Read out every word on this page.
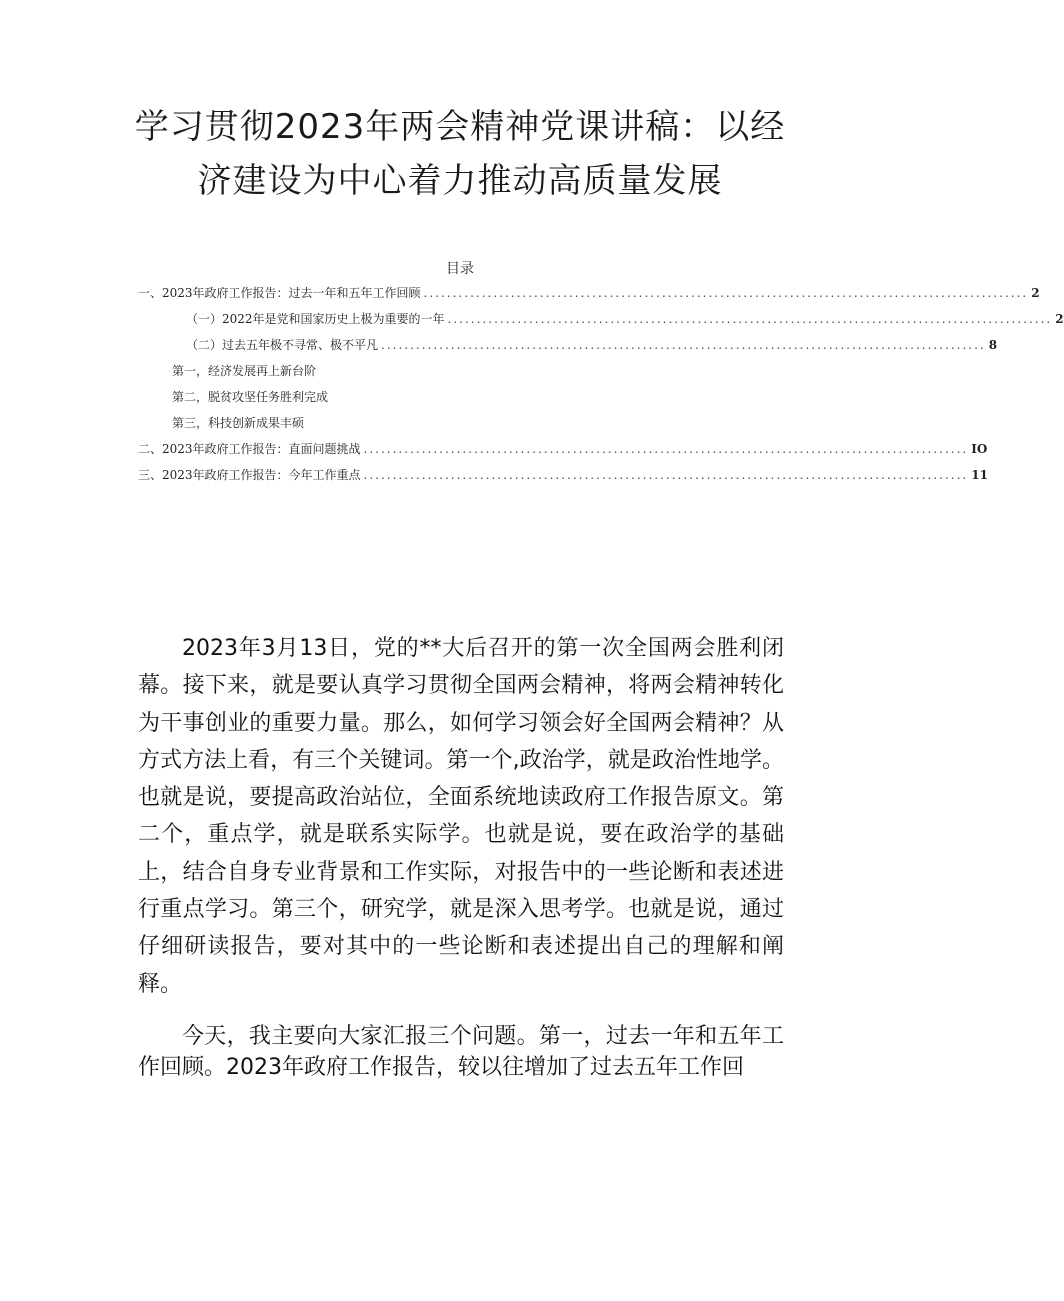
学习贯彻2023年两会精神党课讲稿：以经
济建设为中心着力推动高质量发展
目录
一、2023年政府工作报告：过去一年和五年工作回顾 ........................................................................................................ 2
（一）2022年是党和国家历史上极为重要的一年 ........................................................................................................ 2
（二）过去五年极不寻常、极不平凡 ........................................................................................................ 8
第一，经济发展再上新台阶
第二，脱贫攻坚任务胜利完成
第三，科技创新成果丰硕
二、2023年政府工作报告：直面问题挑战 ........................................................................................................ IO
三、2023年政府工作报告：今年工作重点 ........................................................................................................ 11

2023年3月13日，党的**大后召开的第一次全国两会胜利闭幕。接下来，就是要认真学习贯彻全国两会精神，将两会精神转化为干事创业的重要力量。那么，如何学习领会好全国两会精神？从方式方法上看，有三个关键词。第一个,政治学，就是政治性地学。也就是说，要提高政治站位，全面系统地读政府工作报告原文。第二个，重点学，就是联系实际学。也就是说，要在政治学的基础上，结合自身专业背景和工作实际，对报告中的一些论断和表述进行重点学习。第三个，研究学，就是深入思考学。也就是说，通过仔细研读报告，要对其中的一些论断和表述提出自己的理解和阐释。

今天，我主要向大家汇报三个问题。第一，过去一年和五年工作回顾。2023年政府工作报告，较以往增加了过去五年工作回
